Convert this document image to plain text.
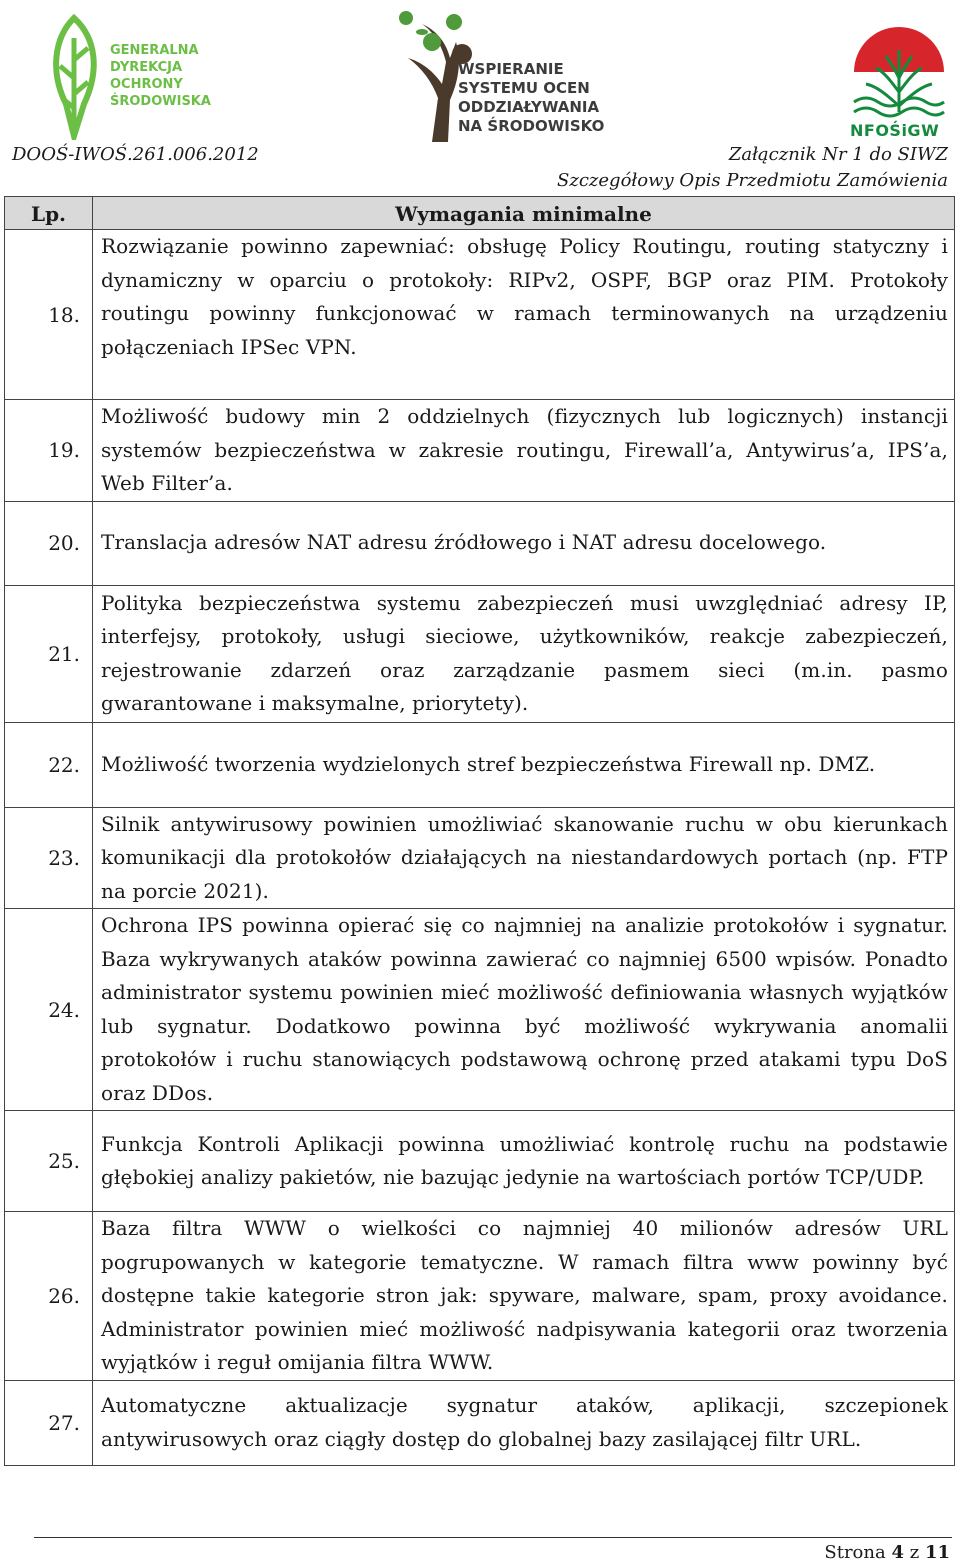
GENERALNA
DYREKCJA
OCHRONY
ŚRODOWISKA
WSPIERANIE
SYSTEMU OCEN
ODDZIAŁYWANIA
NA ŚRODOWISKO	NFOŚiGW
DOOŚ-IWOŚ.261.006.2012	Załącznik Nr 1 do SIWZ
Szczegółowy Opis Przedmiotu Zamówienia
Lp.	Wymagania minimalne
18.	Rozwiązanie powinno zapewniać: obsługę Policy Routingu, routing statyczny i dynamiczny w oparciu o protokoły: RIPv2, OSPF, BGP oraz PIM. Protokoły routingu powinny funkcjonować w ramach terminowanych na urządzeniu połączeniach IPSec VPN.
19.	Możliwość budowy min 2 oddzielnych (fizycznych lub logicznych) instancji systemów bezpieczeństwa w zakresie routingu, Firewall’a, Antywirus’a, IPS’a, Web Filter’a.
20.	Translacja adresów NAT adresu źródłowego i NAT adresu docelowego.
21.	Polityka bezpieczeństwa systemu zabezpieczeń musi uwzględniać adresy IP, interfejsy, protokoły, usługi sieciowe, użytkowników, reakcje zabezpieczeń, rejestrowanie zdarzeń oraz zarządzanie pasmem sieci (m.in. pasmo gwarantowane i maksymalne, priorytety).
22.	Możliwość tworzenia wydzielonych stref bezpieczeństwa Firewall np. DMZ.
23.	Silnik antywirusowy powinien umożliwiać skanowanie ruchu w obu kierunkach komunikacji dla protokołów działających na niestandardowych portach (np. FTP na porcie 2021).
24.	Ochrona IPS powinna opierać się co najmniej na analizie protokołów i sygnatur. Baza wykrywanych ataków powinna zawierać co najmniej 6500 wpisów. Ponadto administrator systemu powinien mieć możliwość definiowania własnych wyjątków lub sygnatur. Dodatkowo powinna być możliwość wykrywania anomalii protokołów i ruchu stanowiących podstawową ochronę przed atakami typu DoS oraz DDos.
25.	Funkcja Kontroli Aplikacji powinna umożliwiać kontrolę ruchu na podstawie głębokiej analizy pakietów, nie bazując jedynie na wartościach portów TCP/UDP.
26.	Baza filtra WWW o wielkości co najmniej 40 milionów adresów URL pogrupowanych w kategorie tematyczne. W ramach filtra www powinny być dostępne takie kategorie stron jak: spyware, malware, spam, proxy avoidance. Administrator powinien mieć możliwość nadpisywania kategorii oraz tworzenia wyjątków i reguł omijania filtra WWW.
27.	Automatyczne aktualizacje sygnatur ataków, aplikacji, szczepionek antywirusowych oraz ciągły dostęp do globalnej bazy zasilającej filtr URL.
Strona 4 z 11
